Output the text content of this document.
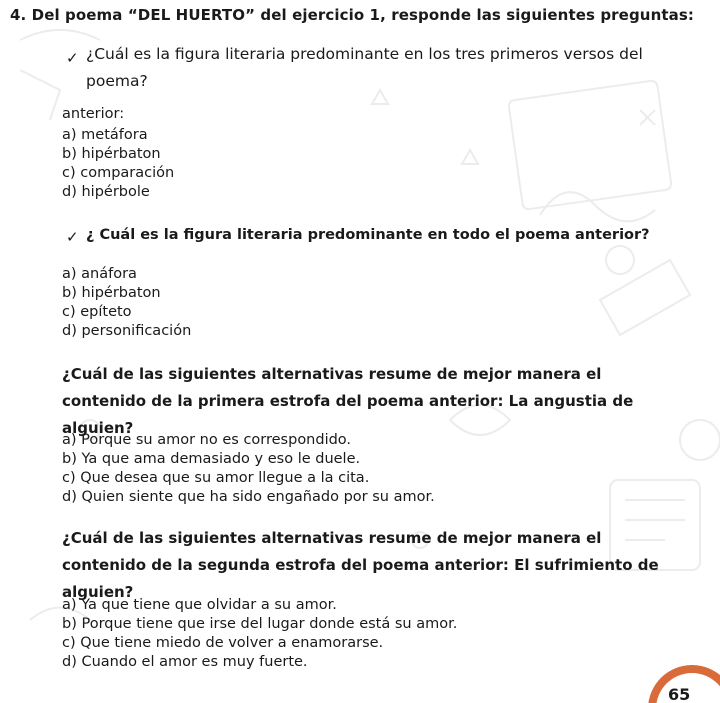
4. Del poema “DEL HUERTO” del ejercicio 1, responde las siguientes preguntas:
✓ ¿Cuál es la figura literaria predominante en los tres primeros versos del poema?
anterior:
a) metáfora
b) hipérbaton
c) comparación
d) hipérbole
✓ ¿ Cuál es la figura literaria predominante en todo el poema anterior?
a) anáfora
b) hipérbaton
c) epíteto
d) personificación
¿Cuál de las siguientes alternativas resume de mejor manera el contenido de la primera estrofa del poema anterior: La angustia de alguien?
a) Porque su amor no es correspondido.
b) Ya que ama demasiado y eso le duele.
c) Que desea que su amor llegue a la cita.
d) Quien siente que ha sido engañado por su amor.
¿Cuál de las siguientes alternativas resume de mejor manera el contenido de la segunda estrofa del poema anterior: El sufrimiento de alguien?
a) Ya que tiene que olvidar a su amor.
b) Porque tiene que irse del lugar donde está su amor.
c) Que tiene miedo de volver a enamorarse.
d) Cuando el amor es muy fuerte.
65
